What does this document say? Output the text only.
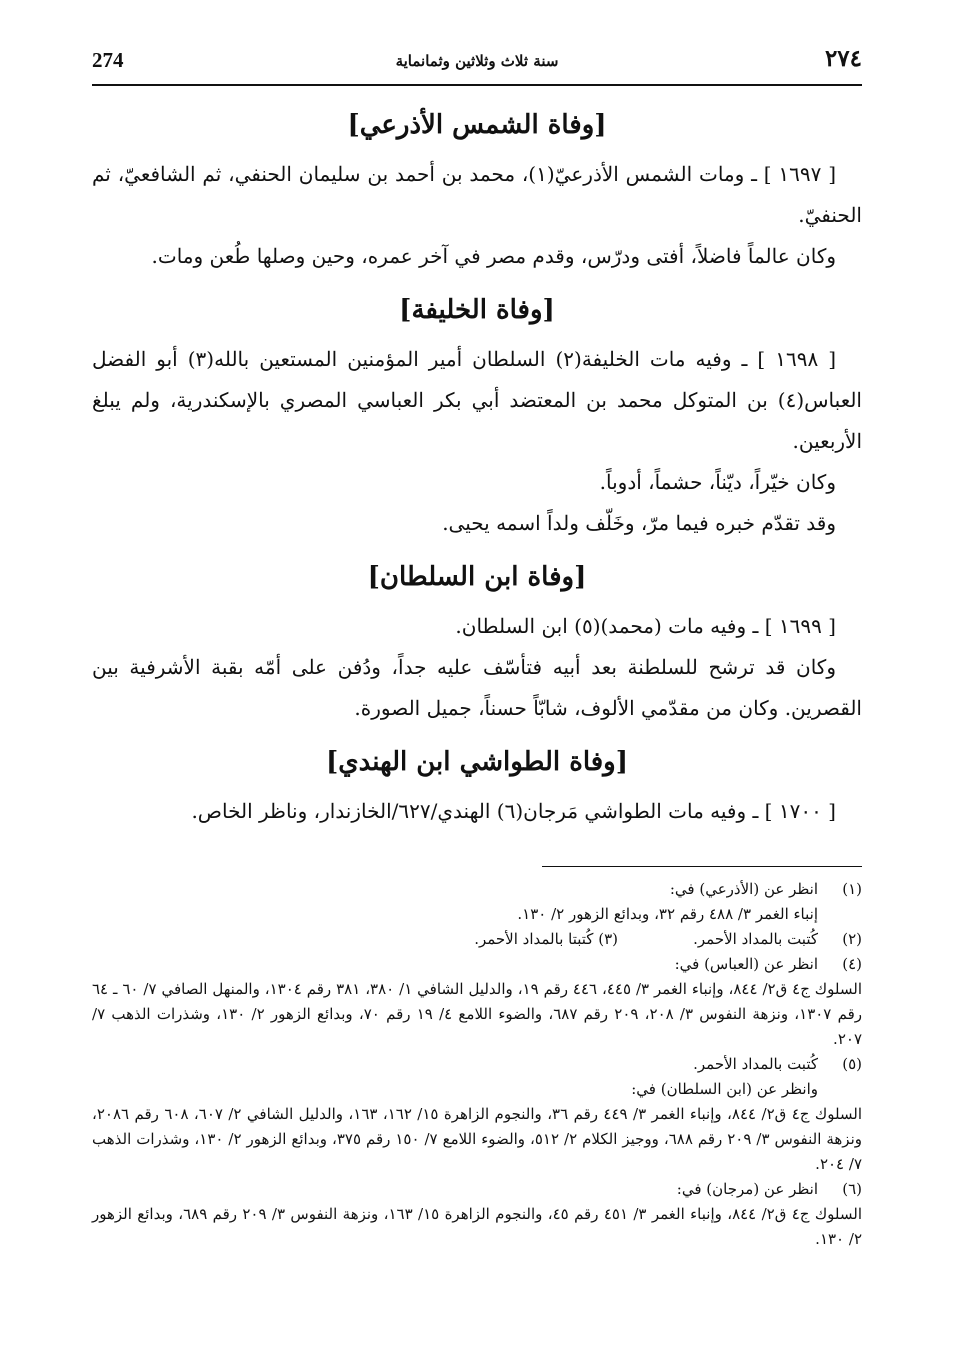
274	سنة ثلاث وثلاثين وثمانماية	٢٧٤
[وفاة الشمس الأذرعي]

[ ١٦٩٧ ] ـ ومات الشمس الأذرعيّ(١)، محمد بن أحمد بن سليمان الحنفي، ثم الشافعيّ، ثم الحنفيّ.

وكان عالماً فاضلاً، أفتى ودرّس، وقدم مصر في آخر عمره، وحين وصلها طُعن ومات.

[وفاة الخليفة]

[ ١٦٩٨ ] ـ وفيه مات الخليفة(٢) السلطان أمير المؤمنين المستعين بالله(٣) أبو الفضل العباس(٤) بن المتوكل محمد بن المعتضد أبي بكر العباسي المصري بالإسكندرية، ولم يبلغ الأربعين.

وكان خيّراً، ديّناً، حشماً، أدوباً.

وقد تقدّم خبره فيما مرّ، وخَلّف ولداً اسمه يحيى.

[وفاة ابن السلطان]

[ ١٦٩٩ ] ـ وفيه مات (محمد)(٥) ابن السلطان.

وكان قد ترشح للسلطنة بعد أبيه فتأسّف عليه جداً، ودُفن على أمّه بقبة الأشرفية بين القصرين. وكان من مقدّمي الألوف، شابّاً حسناً، جميل الصورة.

[وفاة الطواشي ابن الهندي]

[ ١٧٠٠ ] ـ وفيه مات الطواشي مَرجان(٦) الهندي/٦٢٧/الخازندار، وناظر الخاص.

(١)
انظر عن (الأذرعي) في:
إنباء الغمر ٣/ ٤٨٨ رقم ٣٢، وبدائع الزهور ٢/ ١٣٠.
(٢)
كُتبت بالمداد الأحمر.
(٣)

كُتبتا بالمداد الأحمر.
(٤)
انظر عن (العباس) في:
السلوك ج٤ ق٢/ ٨٤٤، وإنباء الغمر ٣/ ٤٤٥، ٤٤٦ رقم ١٩، والدليل الشافي ١/ ٣٨٠، ٣٨١ رقم ١٣٠٤، والمنهل الصافي ٧/ ٦٠ ـ ٦٤ رقم ١٣٠٧، ونزهة النفوس ٣/ ٢٠٨، ٢٠٩ رقم ٦٨٧، والضوء اللامع ٤/ ١٩ رقم ٧٠، وبدائع الزهور ٢/ ١٣٠، وشذرات الذهب ٧/ ٢٠٧.
(٥)
كُتبت بالمداد الأحمر.
وانظر عن (ابن السلطان) في:
السلوك ج٤ ق٢/ ٨٤٤، وإنباء الغمر ٣/ ٤٤٩ رقم ٣٦، والنجوم الزاهرة ١٥/ ١٦٢، ١٦٣، والدليل الشافي ٢/ ٦٠٧، ٦٠٨ رقم ٢٠٨٦، ونزهة النفوس ٣/ ٢٠٩ رقم ٦٨٨، ووجيز الكلام ٢/ ٥١٢، والضوء اللامع ٧/ ١٥٠ رقم ٣٧٥، وبدائع الزهور ٢/ ١٣٠، وشذرات الذهب ٧/ ٢٠٤.
(٦)
انظر عن (مرجان) في:
السلوك ج٤ ق٢/ ٨٤٤، وإنباء الغمر ٣/ ٤٥١ رقم ٤٥، والنجوم الزاهرة ١٥/ ١٦٣، ونزهة النفوس ٣/ ٢٠٩ رقم ٦٨٩، وبدائع الزهور ٢/ ١٣٠.
